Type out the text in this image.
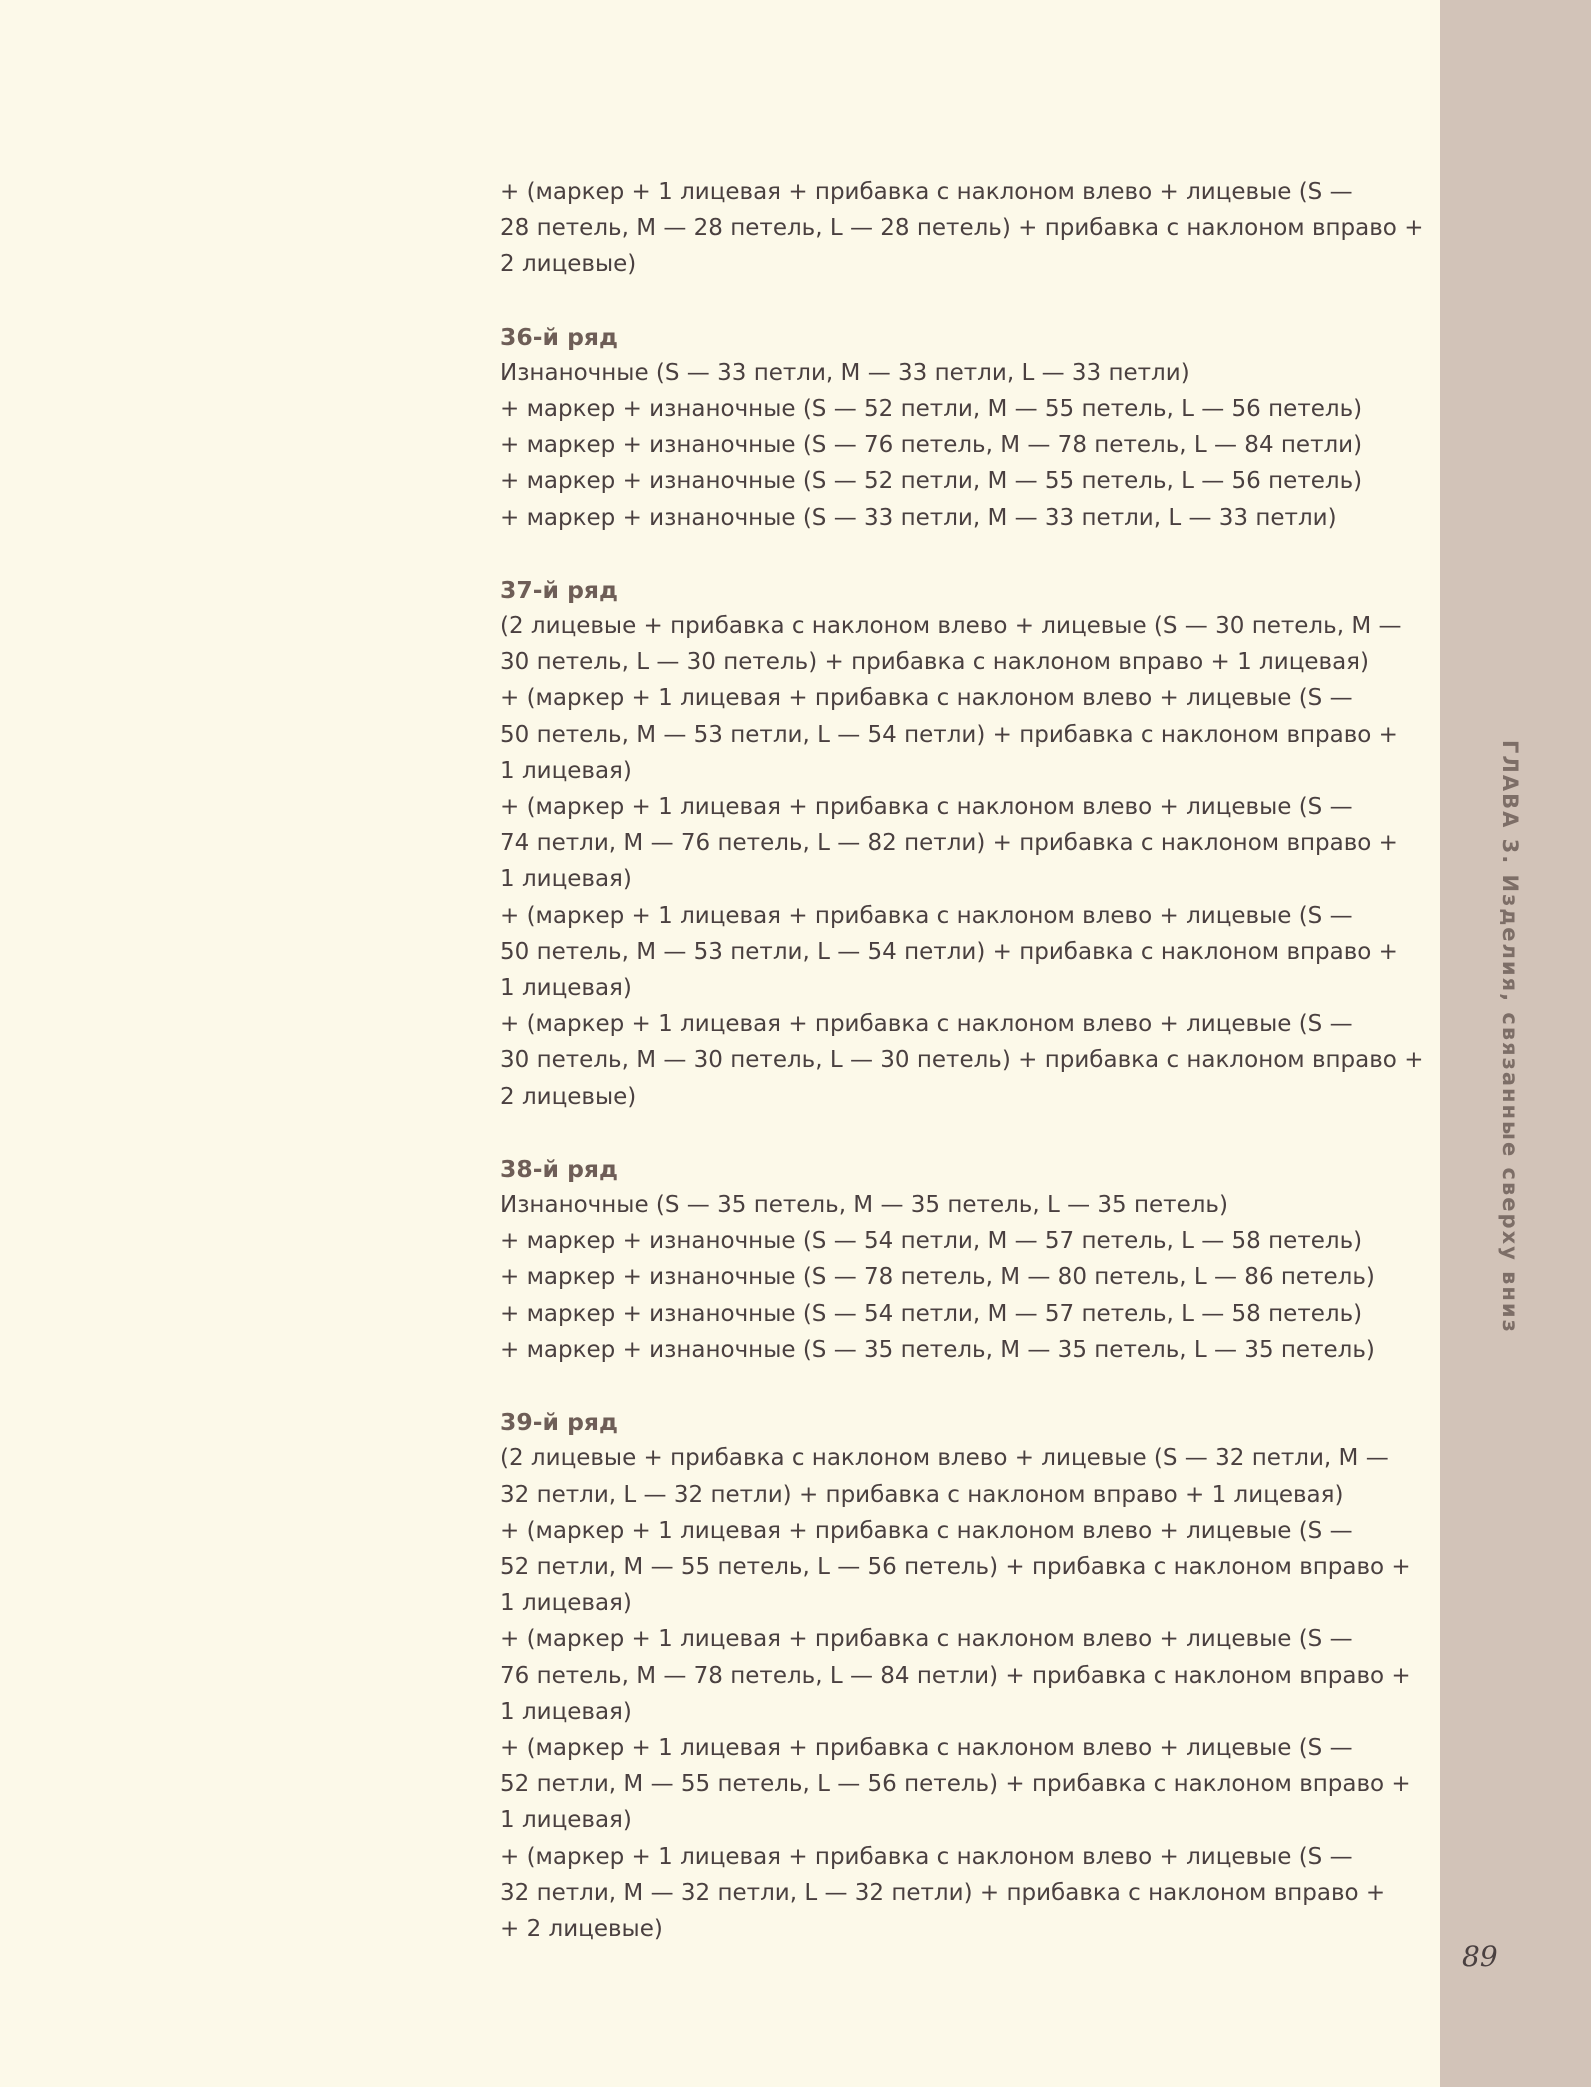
ГЛАВА 3. Изделия, связанные сверху вниз
89
+ (маркер + 1 лицевая + прибавка с наклоном влево + лицевые (S —
28 петель, M — 28 петель, L — 28 петель) + прибавка с наклоном вправо +
2 лицевые)
36-й ряд
Изнаночные (S — 33 петли, M — 33 петли, L — 33 петли)
+ маркер + изнаночные (S — 52 петли, M — 55 петель, L — 56 петель)
+ маркер + изнаночные (S — 76 петель, M — 78 петель, L — 84 петли)
+ маркер + изнаночные (S — 52 петли, M — 55 петель, L — 56 петель)
+ маркер + изнаночные (S — 33 петли, M — 33 петли, L — 33 петли)
37-й ряд
(2 лицевые + прибавка с наклоном влево + лицевые (S — 30 петель, M —
30 петель, L — 30 петель) + прибавка с наклоном вправо + 1 лицевая)
+ (маркер + 1 лицевая + прибавка с наклоном влево + лицевые (S —
50 петель, M — 53 петли, L — 54 петли) + прибавка с наклоном вправо +
1 лицевая)
+ (маркер + 1 лицевая + прибавка с наклоном влево + лицевые (S —
74 петли, M — 76 петель, L — 82 петли) + прибавка с наклоном вправо +
1 лицевая)
+ (маркер + 1 лицевая + прибавка с наклоном влево + лицевые (S —
50 петель, M — 53 петли, L — 54 петли) + прибавка с наклоном вправо +
1 лицевая)
+ (маркер + 1 лицевая + прибавка с наклоном влево + лицевые (S —
30 петель, M — 30 петель, L — 30 петель) + прибавка с наклоном вправо +
2 лицевые)
38-й ряд
Изнаночные (S — 35 петель, M — 35 петель, L — 35 петель)
+ маркер + изнаночные (S — 54 петли, M — 57 петель, L — 58 петель)
+ маркер + изнаночные (S — 78 петель, M — 80 петель, L — 86 петель)
+ маркер + изнаночные (S — 54 петли, M — 57 петель, L — 58 петель)
+ маркер + изнаночные (S — 35 петель, M — 35 петель, L — 35 петель)
39-й ряд
(2 лицевые + прибавка с наклоном влево + лицевые (S — 32 петли, M —
32 петли, L — 32 петли) + прибавка с наклоном вправо + 1 лицевая)
+ (маркер + 1 лицевая + прибавка с наклоном влево + лицевые (S —
52 петли, M — 55 петель, L — 56 петель) + прибавка с наклоном вправо +
1 лицевая)
+ (маркер + 1 лицевая + прибавка с наклоном влево + лицевые (S —
76 петель, M — 78 петель, L — 84 петли) + прибавка с наклоном вправо +
1 лицевая)
+ (маркер + 1 лицевая + прибавка с наклоном влево + лицевые (S —
52 петли, M — 55 петель, L — 56 петель) + прибавка с наклоном вправо +
1 лицевая)
+ (маркер + 1 лицевая + прибавка с наклоном влево + лицевые (S —
32 петли, M — 32 петли, L — 32 петли) + прибавка с наклоном вправо +
+ 2 лицевые)
